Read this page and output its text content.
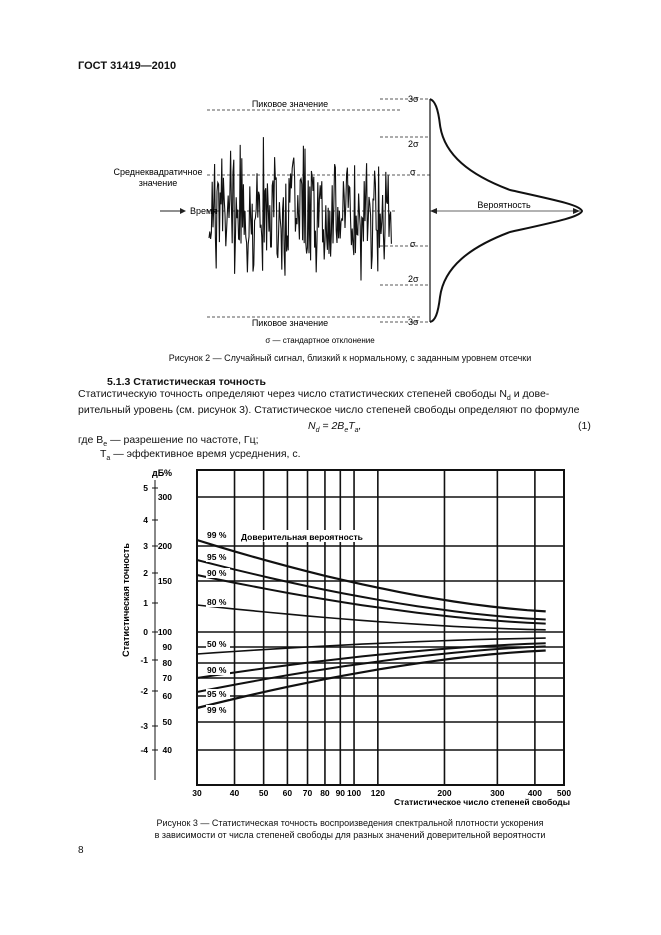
ГОСТ 31419—2010
Вероятность
Пиковое значение
Пиковое значение
Среднеквадратичное
значение
Время
3σ
2σ
σ
σ
2σ
3σ
σ — стандартное отклонение
Рисунок 2 — Случайный сигнал, близкий к нормальному, с заданным уровнем отсечки
5.1.3 Статистическая точность
Статистическую точность определяют через число статистических степеней свободы $N_d$ и дове-
рительный уровень (см. рисунок 3). Статистическое число степеней свободы определяют по формуле
$N_d = 2B_eT_a$,	(1)
где $B_e$ — разрешение по частоте, Гц;
$T_a$ — эффективное время усреднения, с.
30	40 50 60 70 80 90 100 120	200	300	400 500
300
200
150
100
90
80
70
60
50
40
5
4
3
2
1
0
-1
-2
-3
-4
99 %
95 %
90 %
80 %
50 %
90 %
95 %
99 %
Статистическая точность
дБ %
Статистическое число степеней свободы
Доверительная вероятность
Рисунок 3 — Статистическая точность воспроизведения спектральной плотности ускорения
в зависимости от числа степеней свободы для разных значений доверительной вероятности
8
